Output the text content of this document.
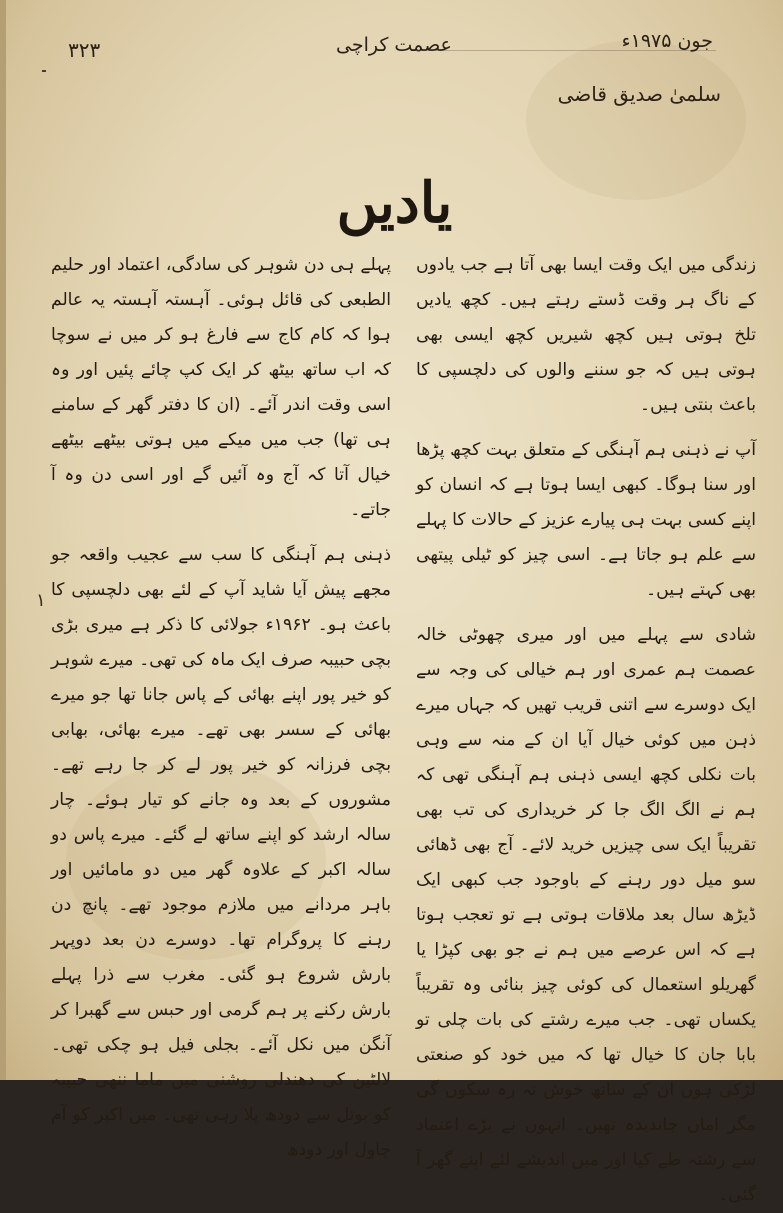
۳۲۳	عصمت کراچی	جون ۱۹۷۵ء
سلمیٰ صدیق قاضی
یادیں

زندگی میں ایک وقت ایسا بھی آتا ہے جب یادوں کے ناگ ہر وقت ڈستے رہتے ہیں۔ کچھ یادیں تلخ ہوتی ہیں کچھ شیریں کچھ ایسی بھی ہوتی ہیں کہ جو سننے والوں کی دلچسپی کا باعث بنتی ہیں۔

آپ نے ذہنی ہم آہنگی کے متعلق بہت کچھ پڑھا اور سنا ہوگا۔ کبھی ایسا ہوتا ہے کہ انسان کو اپنے کسی بہت ہی پیارے عزیز کے حالات کا پہلے سے علم ہو جاتا ہے۔ اسی چیز کو ٹیلی پیتھی بھی کہتے ہیں۔

شادی سے پہلے میں اور میری چھوٹی خالہ عصمت ہم عمری اور ہم خیالی کی وجہ سے ایک دوسرے سے اتنی قریب تھیں کہ جہاں میرے ذہن میں کوئی خیال آیا ان کے منہ سے وہی بات نکلی کچھ ایسی ذہنی ہم آہنگی تھی کہ ہم نے الگ الگ جا کر خریداری کی تب بھی تقریباً ایک سی چیزیں خرید لائے۔ آج بھی ڈھائی سو میل دور رہنے کے باوجود جب کبھی ایک ڈیڑھ سال بعد ملاقات ہوتی ہے تو تعجب ہوتا ہے کہ اس عرصے میں ہم نے جو بھی کپڑا یا گھریلو استعمال کی کوئی چیز بنائی وہ تقریباً یکساں تھی۔ جب میرے رشتے کی بات چلی تو بابا جان کا خیال تھا کہ میں خود کو صنعتی لڑکی ہوں ان کے ساتھ خوش نہ رہ سکوں گی مگر اماں جاندیدہ تھیں۔ انہوں نے بڑے اعتماد سے رشتہ طے کیا اور میں اندیشے لئے اپنے گھر آ گئی۔

پہلے ہی دن شوہر کی سادگی، اعتماد اور حلیم الطبعی کی قائل ہوئی۔ آہستہ آہستہ یہ عالم ہوا کہ کام کاج سے فارغ ہو کر میں نے سوچا کہ اب ساتھ بیٹھ کر ایک کپ چائے پئیں اور وہ اسی وقت اندر آئے۔ (ان کا دفتر گھر کے سامنے ہی تھا) جب میں میکے میں ہوتی بیٹھے بیٹھے خیال آتا کہ آج وہ آئیں گے اور اسی دن وہ آ جاتے۔

ذہنی ہم آہنگی کا سب سے عجیب واقعہ جو مجھے پیش آیا شاید آپ کے لئے بھی دلچسپی کا باعث ہو۔ ۱۹۶۲ء جولائی کا ذکر ہے میری بڑی بچی حبیبہ صرف ایک ماہ کی تھی۔ میرے شوہر کو خیر پور اپنے بھائی کے پاس جانا تھا جو میرے بھائی کے سسر بھی تھے۔ میرے بھائی، بھابی بچی فرزانہ کو خیر پور لے کر جا رہے تھے۔ مشوروں کے بعد وہ جانے کو تیار ہوئے۔ چار سالہ ارشد کو اپنے ساتھ لے گئے۔ میرے پاس دو سالہ اکبر کے علاوہ گھر میں دو مامائیں اور باہر مردانے میں ملازم موجود تھے۔ پانچ دن رہنے کا پروگرام تھا۔ دوسرے دن بعد دوپہر بارش شروع ہو گئی۔ مغرب سے ذرا پہلے بارش رکنے پر ہم گرمی اور حبس سے گھبرا کر آنگن میں نکل آئے۔ بجلی فیل ہو چکی تھی۔ لالٹین کی دھندلی روشنی میں ماما ننھی حبیبہ کو بوتل سے دودھ پلا رہی تھی۔ میں اکبر کو آم چاول اور دودھ

۱
